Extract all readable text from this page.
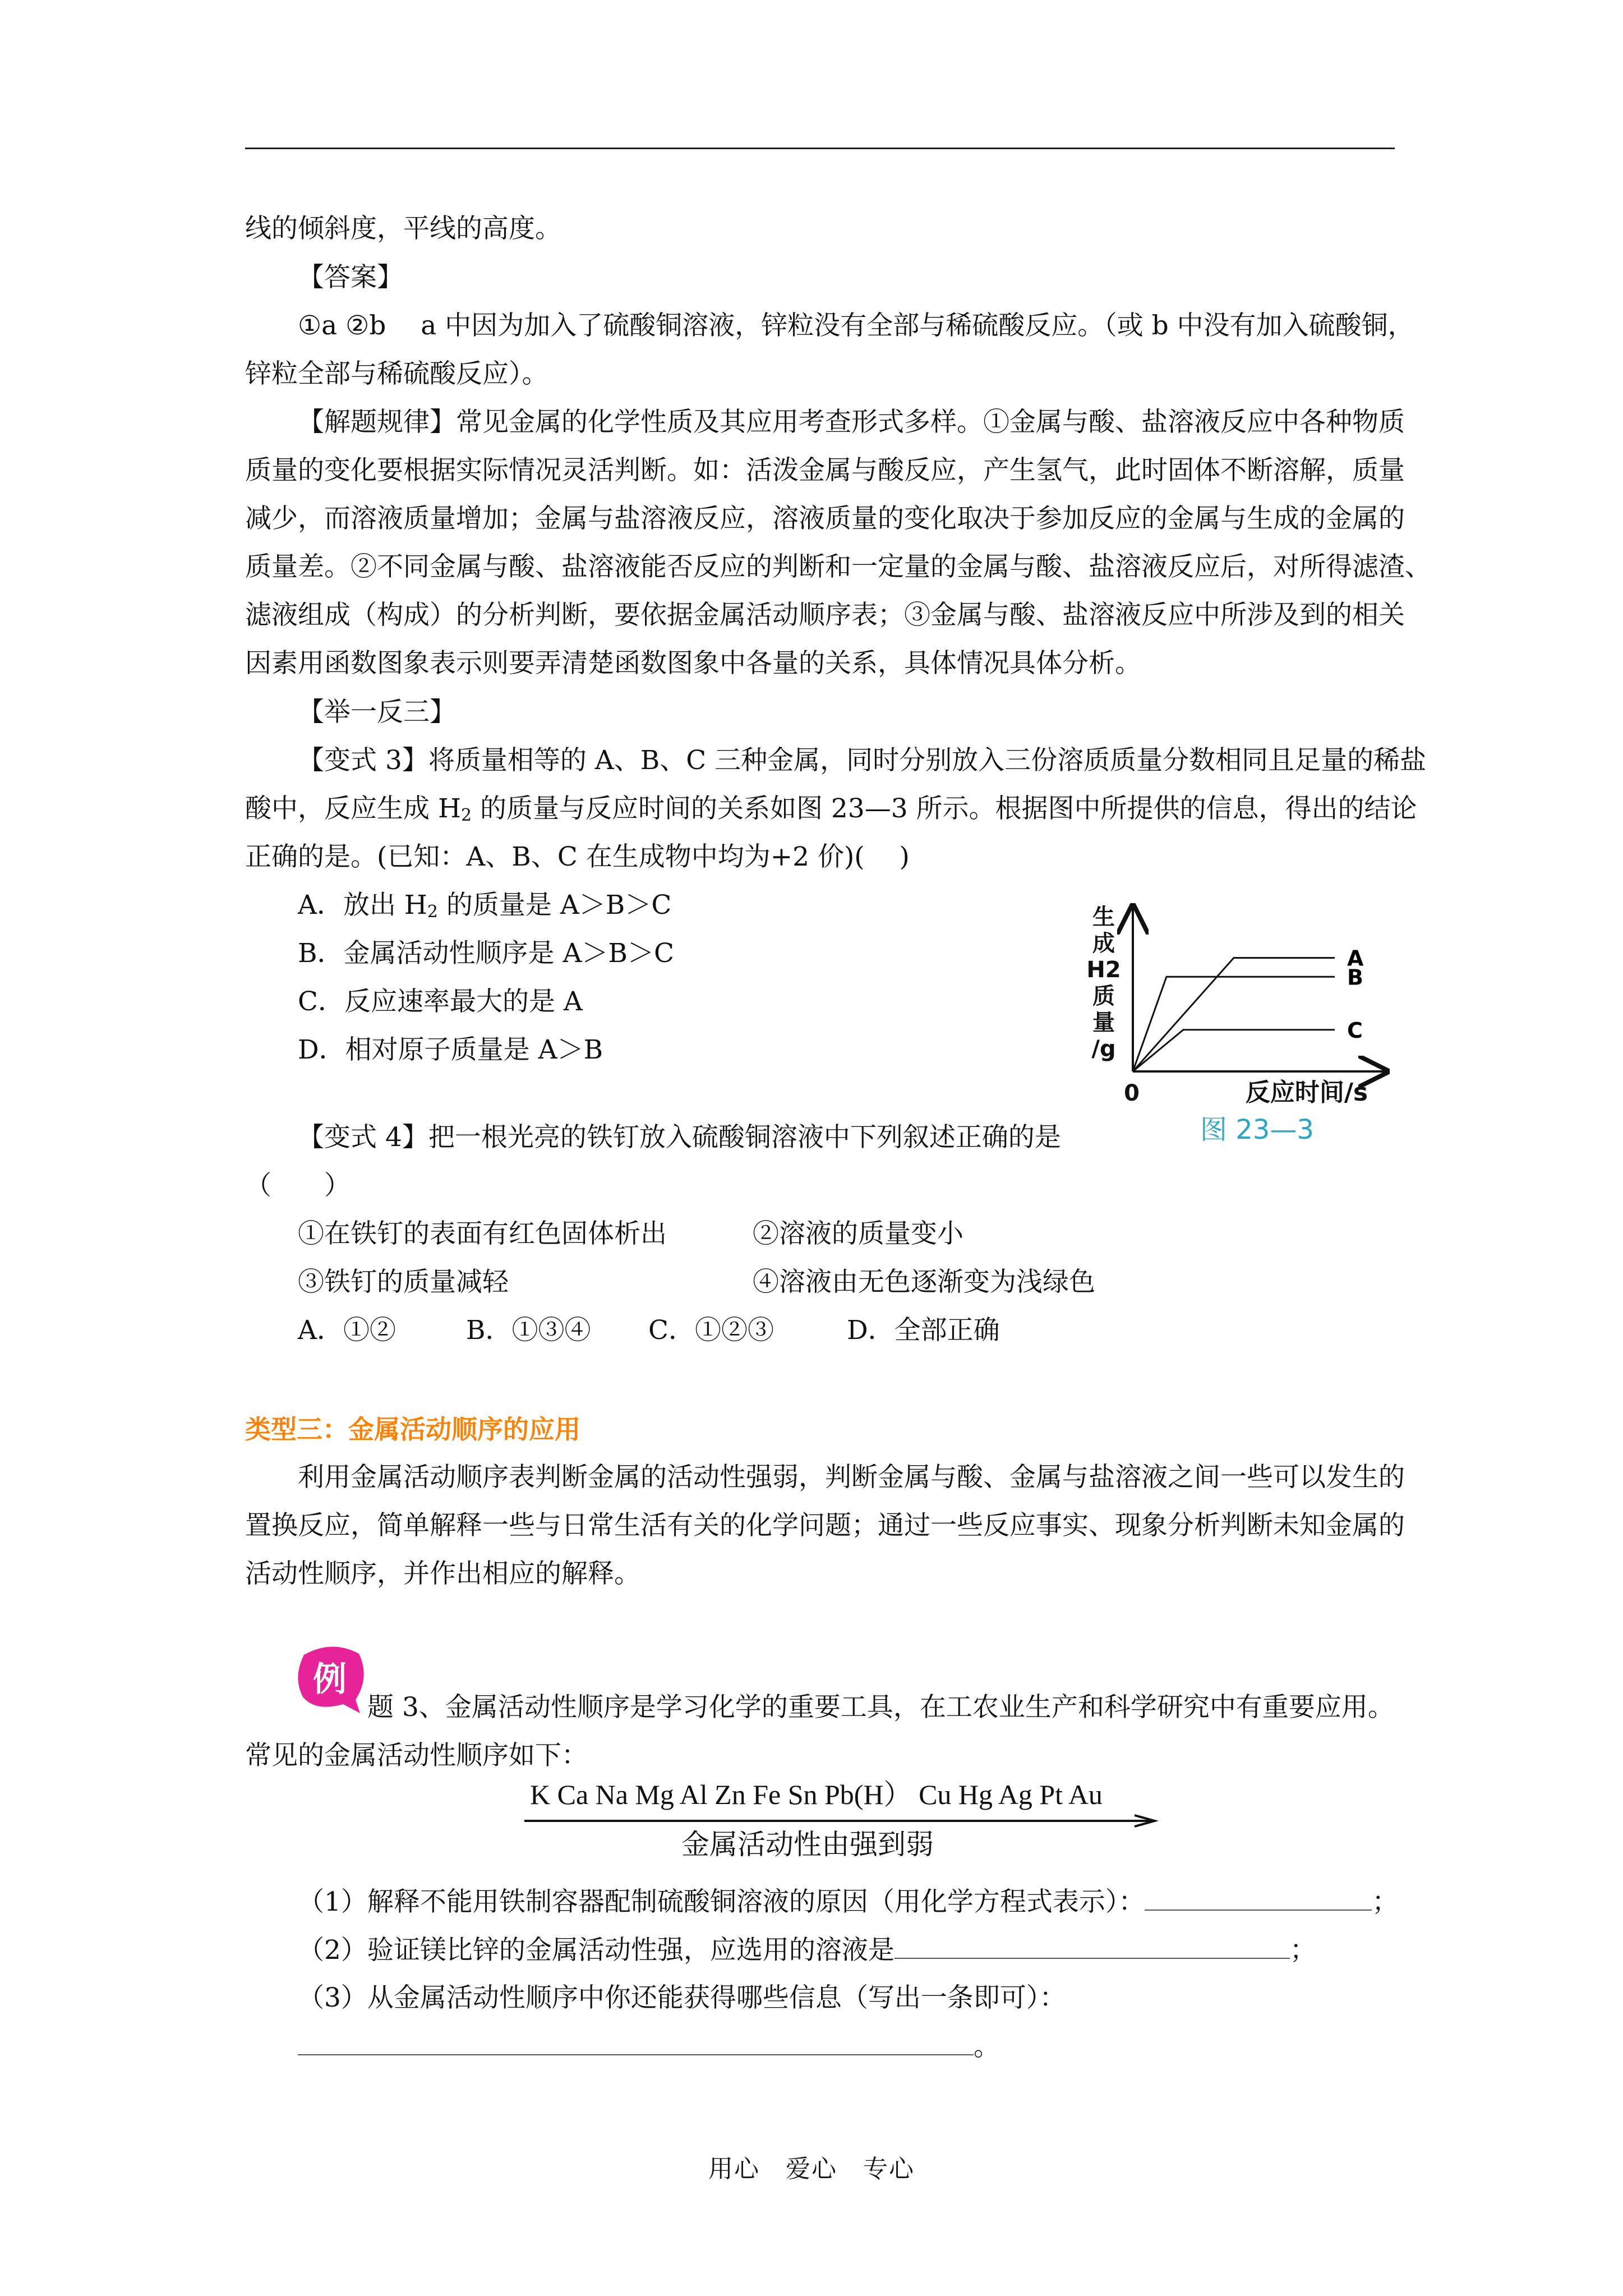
线的倾斜度，平线的高度。
【答案】
①a ②b　 a 中因为加入了硫酸铜溶液，锌粒没有全部与稀硫酸反应。（或 b 中没有加入硫酸铜，
锌粒全部与稀硫酸反应）。
【解题规律】常见金属的化学性质及其应用考查形式多样。①金属与酸、盐溶液反应中各种物质
质量的变化要根据实际情况灵活判断。如：活泼金属与酸反应，产生氢气，此时固体不断溶解，质量
减少，而溶液质量增加；金属与盐溶液反应，溶液质量的变化取决于参加反应的金属与生成的金属的
质量差。②不同金属与酸、盐溶液能否反应的判断和一定量的金属与酸、盐溶液反应后，对所得滤渣、
滤液组成（构成）的分析判断，要依据金属活动顺序表；③金属与酸、盐溶液反应中所涉及到的相关
因素用函数图象表示则要弄清楚函数图象中各量的关系，具体情况具体分析。
【举一反三】
【变式 3】将质量相等的 A、B、C 三种金属，同时分别放入三份溶质质量分数相同且足量的稀盐
酸中，反应生成 $H_2$ 的质量与反应时间的关系如图 23—3 所示。根据图中所提供的信息，得出的结论
正确的是。(已知：A、B、C 在生成物中均为+2 价)(　 )
A．放出 $H_2$ 的质量是 A＞B＞C
B．金属活动性顺序是 A＞B＞C
C．反应速率最大的是 A
D．相对原子质量是 A＞B
生
成
H2
质
量
/g
0	反应时间/s
A
B
C
图 23—3
【变式 4】把一根光亮的铁钉放入硫酸铜溶液中下列叙述正确的是
（　　）
①在铁钉的表面有红色固体析出	②溶液的质量变小
③铁钉的质量减轻	④溶液由无色逐渐变为浅绿色
A．①②	B．①③④ C．①②③	D．全部正确
类型三：金属活动顺序的应用
利用金属活动顺序表判断金属的活动性强弱，判断金属与酸、金属与盐溶液之间一些可以发生的
置换反应，简单解释一些与日常生活有关的化学问题；通过一些反应事实、现象分析判断未知金属的
活动性顺序，并作出相应的解释。
例
题 3、金属活动性顺序是学习化学的重要工具，在工农业生产和科学研究中有重要应用。
常见的金属活动性顺序如下：
K Ca Na Mg Al Zn Fe Sn Pb(H） Cu Hg Ag Pt Au
金属活动性由强到弱
（1）解释不能用铁制容器配制硫酸铜溶液的原因（用化学方程式表示）：	；
（2）验证镁比锌的金属活动性强，应选用的溶液是	；
（3）从金属活动性顺序中你还能获得哪些信息（写出一条即可）：
。
用心　爱心　专心
